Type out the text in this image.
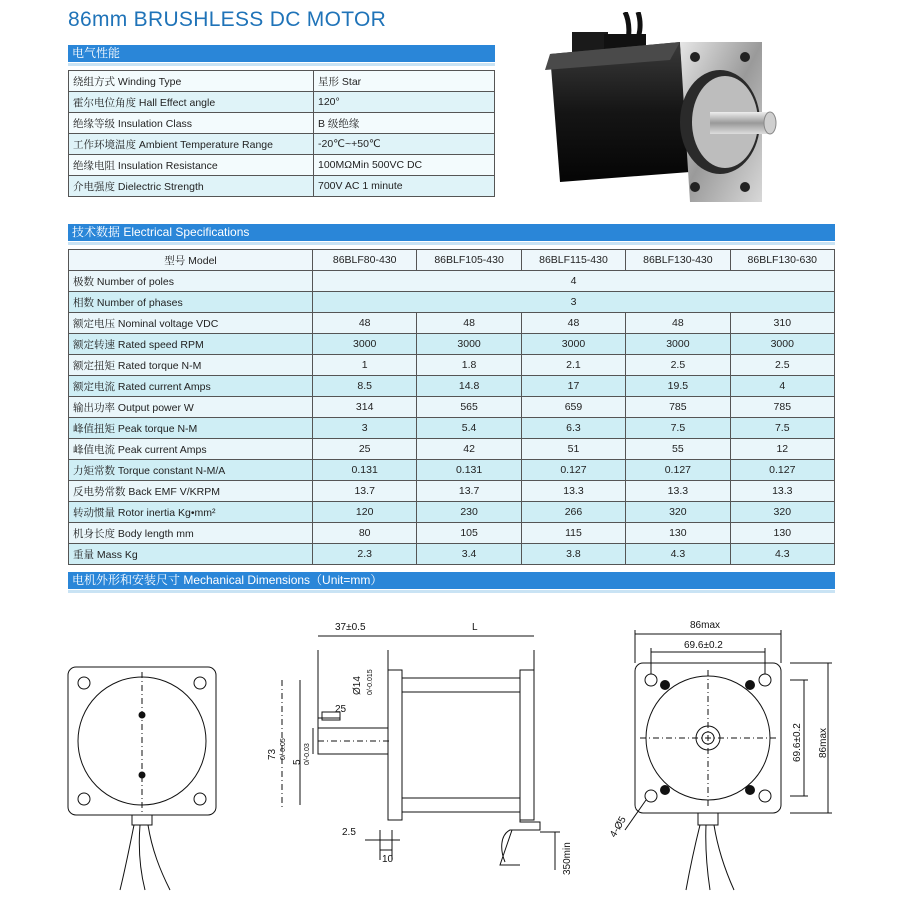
86mm BRUSHLESS DC MOTOR
电气性能
绕组方式 Winding Type	星形 Star
霍尔电位角度 Hall Effect angle	120°
绝缘等级 Insulation Class	B 级绝缘
工作环境温度 Ambient Temperature Range	-20℃~+50℃
绝缘电阻 Insulation Resistance	100MΩMin 500VC DC
介电强度 Dielectric Strength	700V AC 1 minute
技术数据 Electrical Specifications
型号 Model	86BLF80-430	86BLF105-430	86BLF115-430	86BLF130-430	86BLF130-630
极数 Number of poles	4				
相数 Number of phases	3				
额定电压 Nominal voltage VDC	48	48	48	48	310
额定转速 Rated speed RPM	3000	3000	3000	3000	3000
额定扭矩 Rated torque N-M	1	1.8	2.1	2.5	2.5
额定电流 Rated current Amps	8.5	14.8	17	19.5	4
输出功率 Output power W	314	565	659	785	785
峰值扭矩 Peak torque N-M	3	5.4	6.3	7.5	7.5
峰值电流 Peak current Amps	25	42	51	55	12
力矩常数 Torque constant N-M/A	0.131	0.131	0.127	0.127	0.127
反电势常数 Back EMF V/KRPM	13.7	13.7	13.3	13.3	13.3
转动惯量 Rotor inertia Kg•mm²	120	230	266	320	320
机身长度 Body length mm	80	105	115	130	130
重量 Mass Kg	2.3	3.4	3.8	4.3	4.3
电机外形和安装尺寸 Mechanical Dimensions（Unit=mm）
37±0.5	L
Ø14 0/-0.015
25
73 0/-0.05
5 0/-0.03
2.5
10	350min
86max
69.6±0.2
86max
69.6±0.2
4-Ø5
